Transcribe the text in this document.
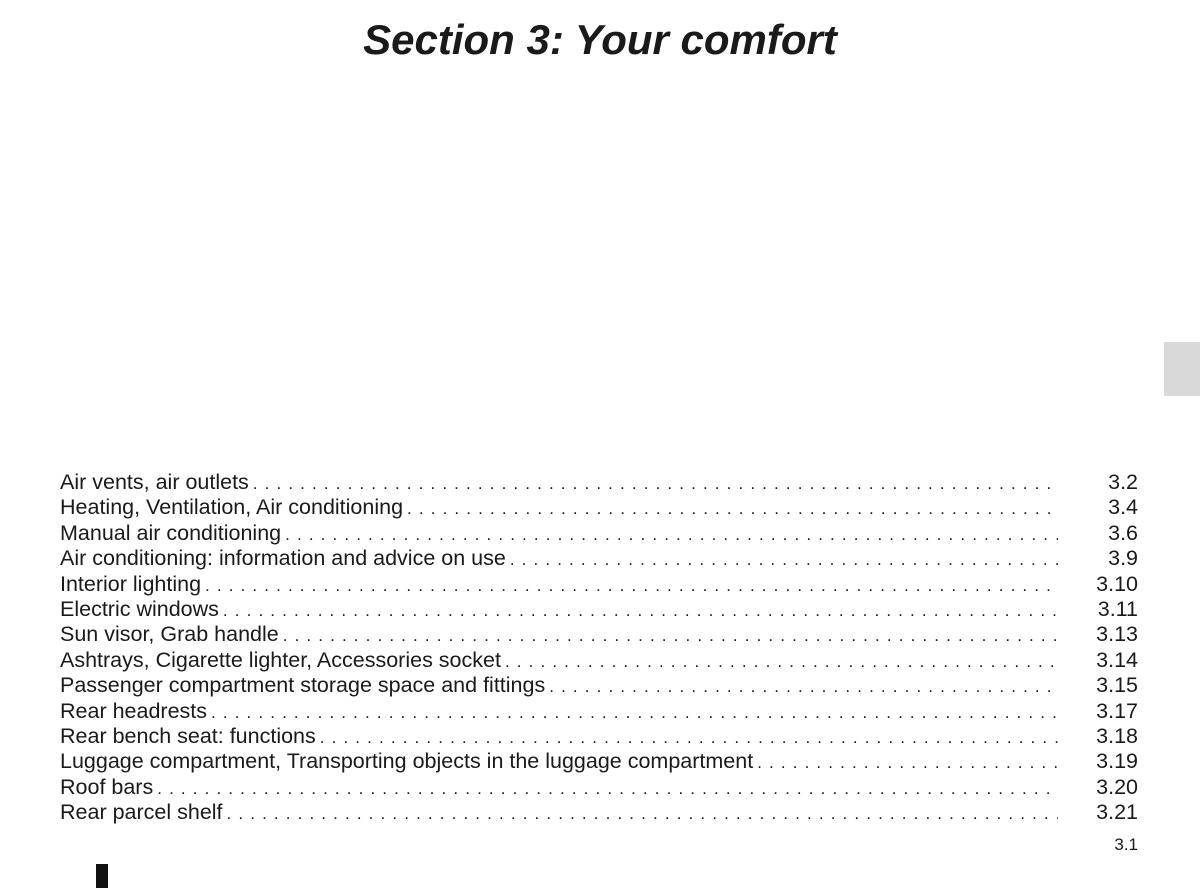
Section 3: Your comfort
Air vents, air outlets . . .	3.2
Heating, Ventilation, Air conditioning . . .	3.4
Manual air conditioning . . .	3.6
Air conditioning: information and advice on use . . .	3.9
Interior lighting . . .	3.10
Electric windows . . .	3.11
Sun visor, Grab handle . . .	3.13
Ashtrays, Cigarette lighter, Accessories socket . . .	3.14
Passenger compartment storage space and fittings . . .	3.15
Rear headrests . . .	3.17
Rear bench seat: functions . . .	3.18
Luggage compartment, Transporting objects in the luggage compartment . . .	3.19
Roof bars . . .	3.20
Rear parcel shelf . . .	3.21
3.1
